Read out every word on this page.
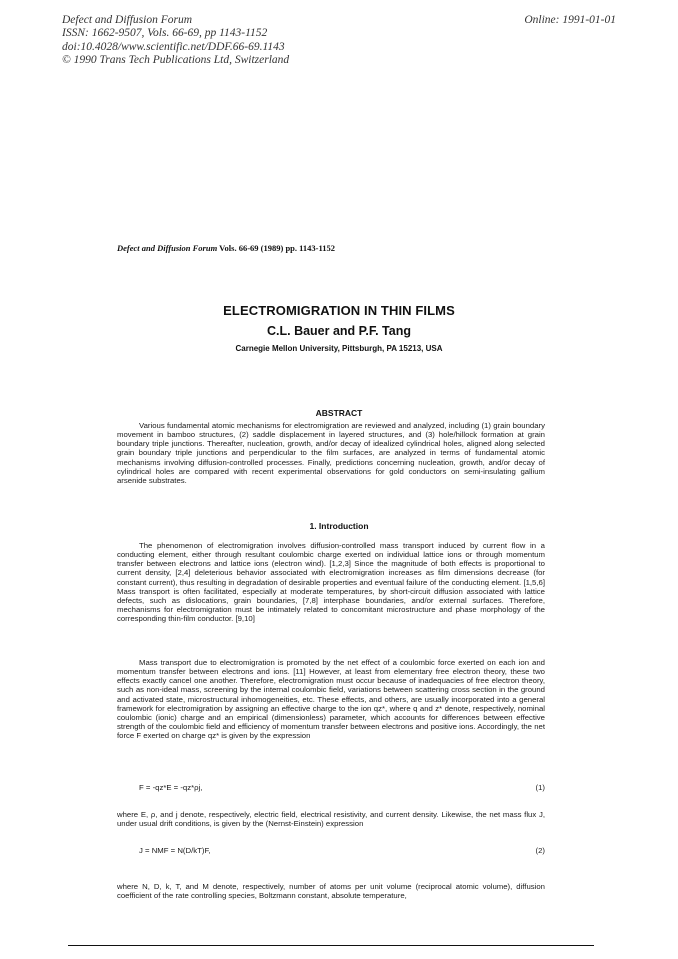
Defect and Diffusion Forum
ISSN: 1662-9507, Vols. 66-69, pp 1143-1152
doi:10.4028/www.scientific.net/DDF.66-69.1143
© 1990 Trans Tech Publications Ltd, Switzerland
Online: 1991-01-01
Defect and Diffusion Forum Vols. 66-69 (1989) pp. 1143-1152
ELECTROMIGRATION IN THIN FILMS
C.L. Bauer and P.F. Tang
Carnegie Mellon University, Pittsburgh, PA 15213, USA
ABSTRACT

Various fundamental atomic mechanisms for electromigration are reviewed and analyzed, including (1) grain boundary movement in bamboo structures, (2) saddle displacement in layered structures, and (3) hole/hillock formation at grain boundary triple junctions. Thereafter, nucleation, growth, and/or decay of idealized cylindrical holes, aligned along selected grain boundary triple junctions and perpendicular to the film surfaces, are analyzed in terms of fundamental atomic mechanisms involving diffusion-controlled processes. Finally, predictions concerning nucleation, growth, and/or decay of cylindrical holes are compared with recent experimental observations for gold conductors on semi-insulating gallium arsenide substrates.

1. Introduction

The phenomenon of electromigration involves diffusion-controlled mass transport induced by current flow in a conducting element, either through resultant coulombic charge exerted on individual lattice ions or through momentum transfer between electrons and lattice ions (electron wind). [1,2,3] Since the magnitude of both effects is proportional to current density, [2,4] deleterious behavior associated with electromigration increases as film dimensions decrease (for constant current), thus resulting in degradation of desirable properties and eventual failure of the conducting element. [1,5,6] Mass transport is often facilitated, especially at moderate temperatures, by short-circuit diffusion associated with lattice defects, such as dislocations, grain boundaries, [7,8] interphase boundaries, and/or external surfaces. Therefore, mechanisms for electromigration must be intimately related to concomitant microstructure and phase morphology of the corresponding thin-film conductor. [9,10]

Mass transport due to electromigration is promoted by the net effect of a coulombic force exerted on each ion and momentum transfer between electrons and ions. [11] However, at least from elementary free electron theory, these two effects exactly cancel one another. Therefore, electromigration must occur because of inadequacies of free electron theory, such as non-ideal mass, screening by the internal coulombic field, variations between scattering cross section in the ground and activated state, microstructural inhomogeneities, etc. These effects, and others, are usually incorporated into a general framework for electromigration by assigning an effective charge to the ion qz*, where q and z* denote, respectively, nominal coulombic (ionic) charge and an empirical (dimensionless) parameter, which accounts for differences between effective strength of the coulombic field and efficiency of momentum transfer between electrons and positive ions. Accordingly, the net force F exerted on charge qz* is given by the expression

F = -qz*E = -qz*ρj,	(1)

where E, ρ, and j denote, respectively, electric field, electrical resistivity, and current density. Likewise, the net mass flux J, under usual drift conditions, is given by the (Nernst-Einstein) expression

J = NMF = N(D/kT)F,	(2)

where N, D, k, T, and M denote, respectively, number of atoms per unit volume (reciprocal atomic volume), diffusion coefficient of the rate controlling species, Boltzmann constant, absolute temperature,
